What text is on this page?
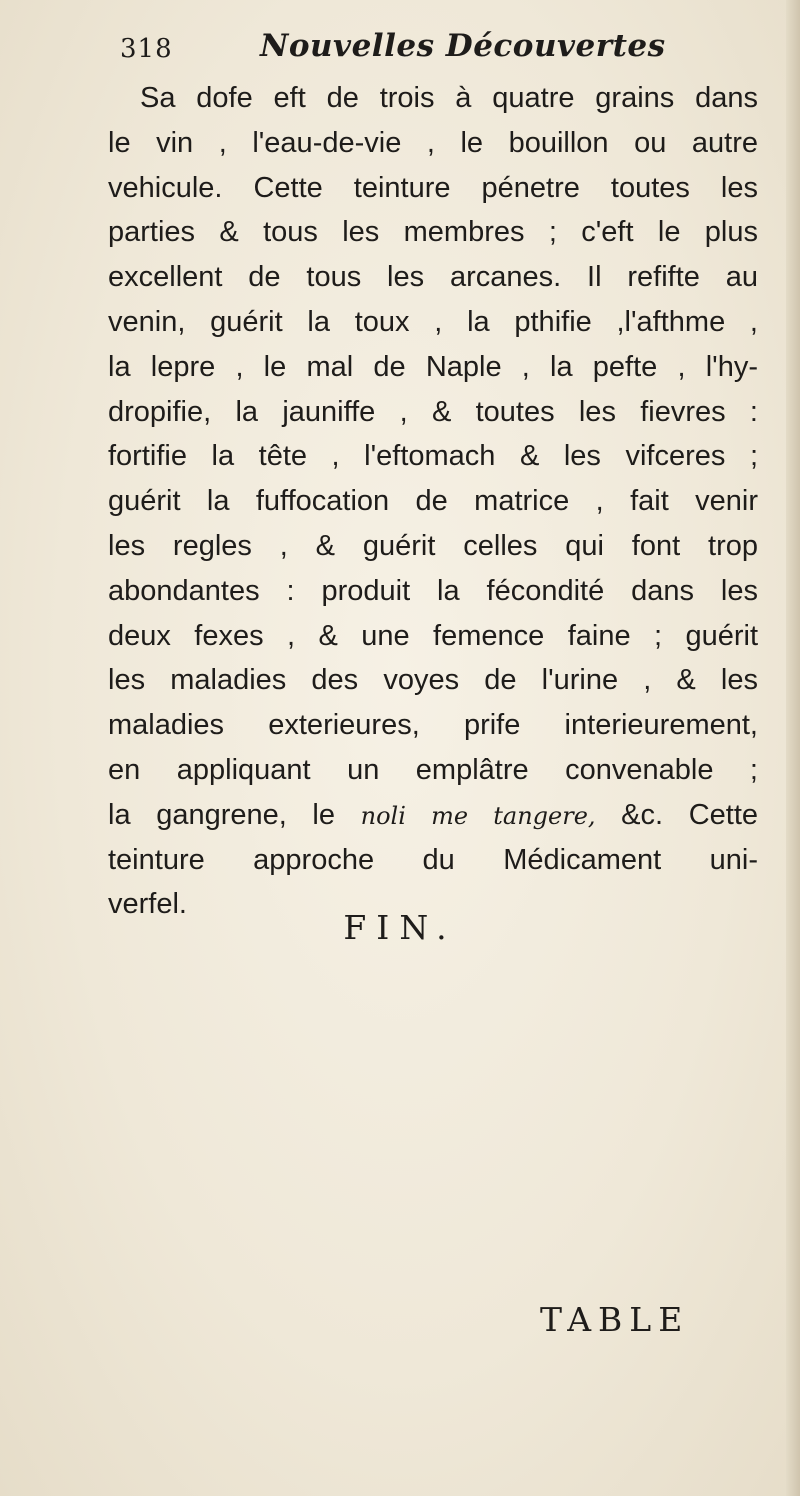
318	Nouvelles Découvertes
Sa dofe eft de trois à quatre grains dans
le vin , l'eau-de-vie , le bouillon ou autre
vehicule. Cette teinture pénetre toutes les
parties & tous les membres ; c'eft le plus
excellent de tous les arcanes. Il refifte au
venin, guérit la toux , la pthifie ,l'afthme ,
la lepre , le mal de Naple , la pefte , l'hy-
dropifie, la jauniffe , & toutes les fievres :
fortifie la tête , l'eftomach & les vifceres ;
guérit la fuffocation de matrice , fait venir
les regles , & guérit celles qui font trop
abondantes : produit la fécondité dans les
deux fexes , & une femence faine ; guérit
les maladies des voyes de l'urine , & les
maladies exterieures, prife interieurement,
en appliquant un emplâtre convenable ;
la gangrene, le noli me tangere, &c. Cette
teinture approche du Médicament uni-
verfel.
FIN.
TABLE
